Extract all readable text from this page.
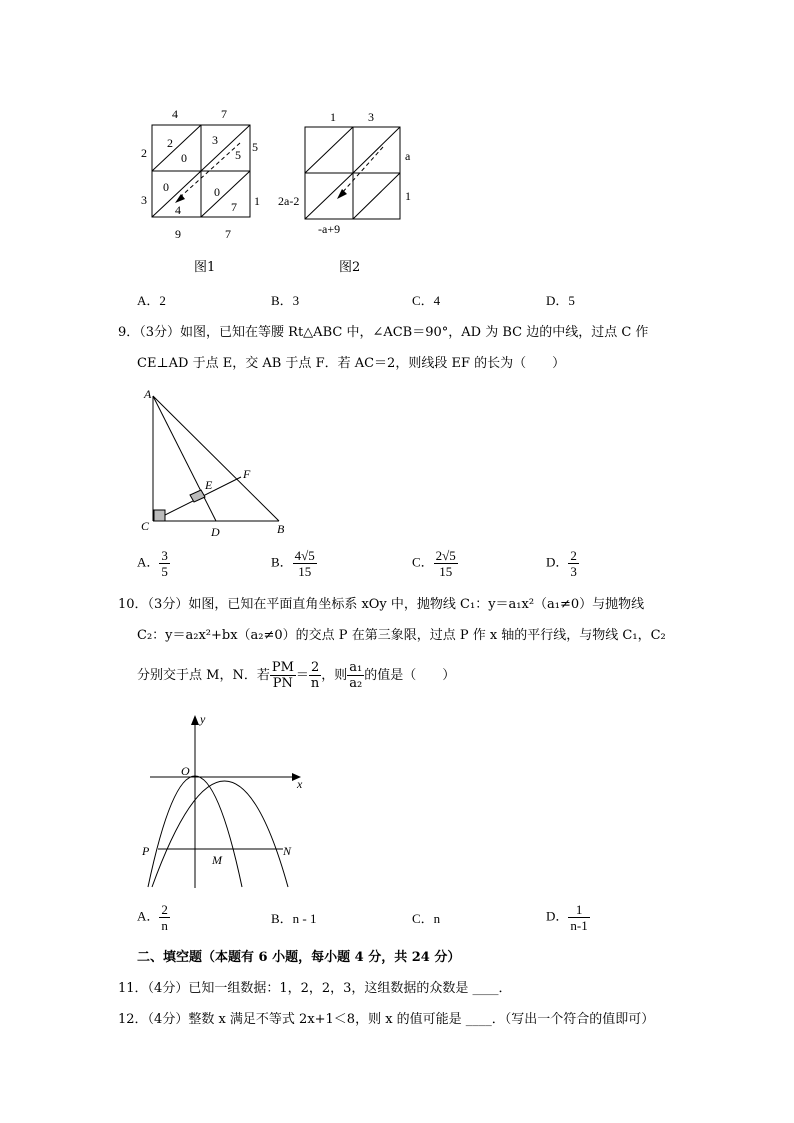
4	7
2
3
5
1
9	7
2
0
3
5
0
4
0
7
图1
1	3
a
1
2a-2
-a+9
图2
A．2	B．3	C．4	D．5
9．（3分）如图，已知在等腰 Rt△ABC 中，∠ACB＝90°，AD 为 BC 边的中线，过点 C 作
CE⊥AD 于点 E，交 AB 于点 F．若 AC＝2，则线段 EF 的长为（　　）
A
C	B
D
E
F
A． $\frac{3}{5}$	B． $\frac{4√5}{15}$	C． $\frac{2√5}{15}$	D． $\frac{2}{3}$
10．（3分）如图，已知在平面直角坐标系 xOy 中，抛物线 C₁：y＝a₁x²（a₁≠0）与抛物线
C₂：y＝a₂x²+bx（a₂≠0）的交点 P 在第三象限，过点 P 作 x 轴的平行线，与物线 C₁，C₂
分别交于点 M，N．若 $\frac{PM}{PN} = \frac{2}{n}$ ，则 $\frac{\text{a₁}}{\text{a₂}}$ 的值是（　　）
y
x
O
P
M
N
A． $\frac{2}{n}$	B．n - 1	C．n	D． $\frac{1}{n-1}$
二、填空题（本题有 6 小题，每小题 4 分，共 24 分）
11．（4分）已知一组数据：1，2，2，3，这组数据的众数是 ____．
12．（4分）整数 x 满足不等式 2x+1＜8，则 x 的值可能是 ____．（写出一个符合的值即可）
